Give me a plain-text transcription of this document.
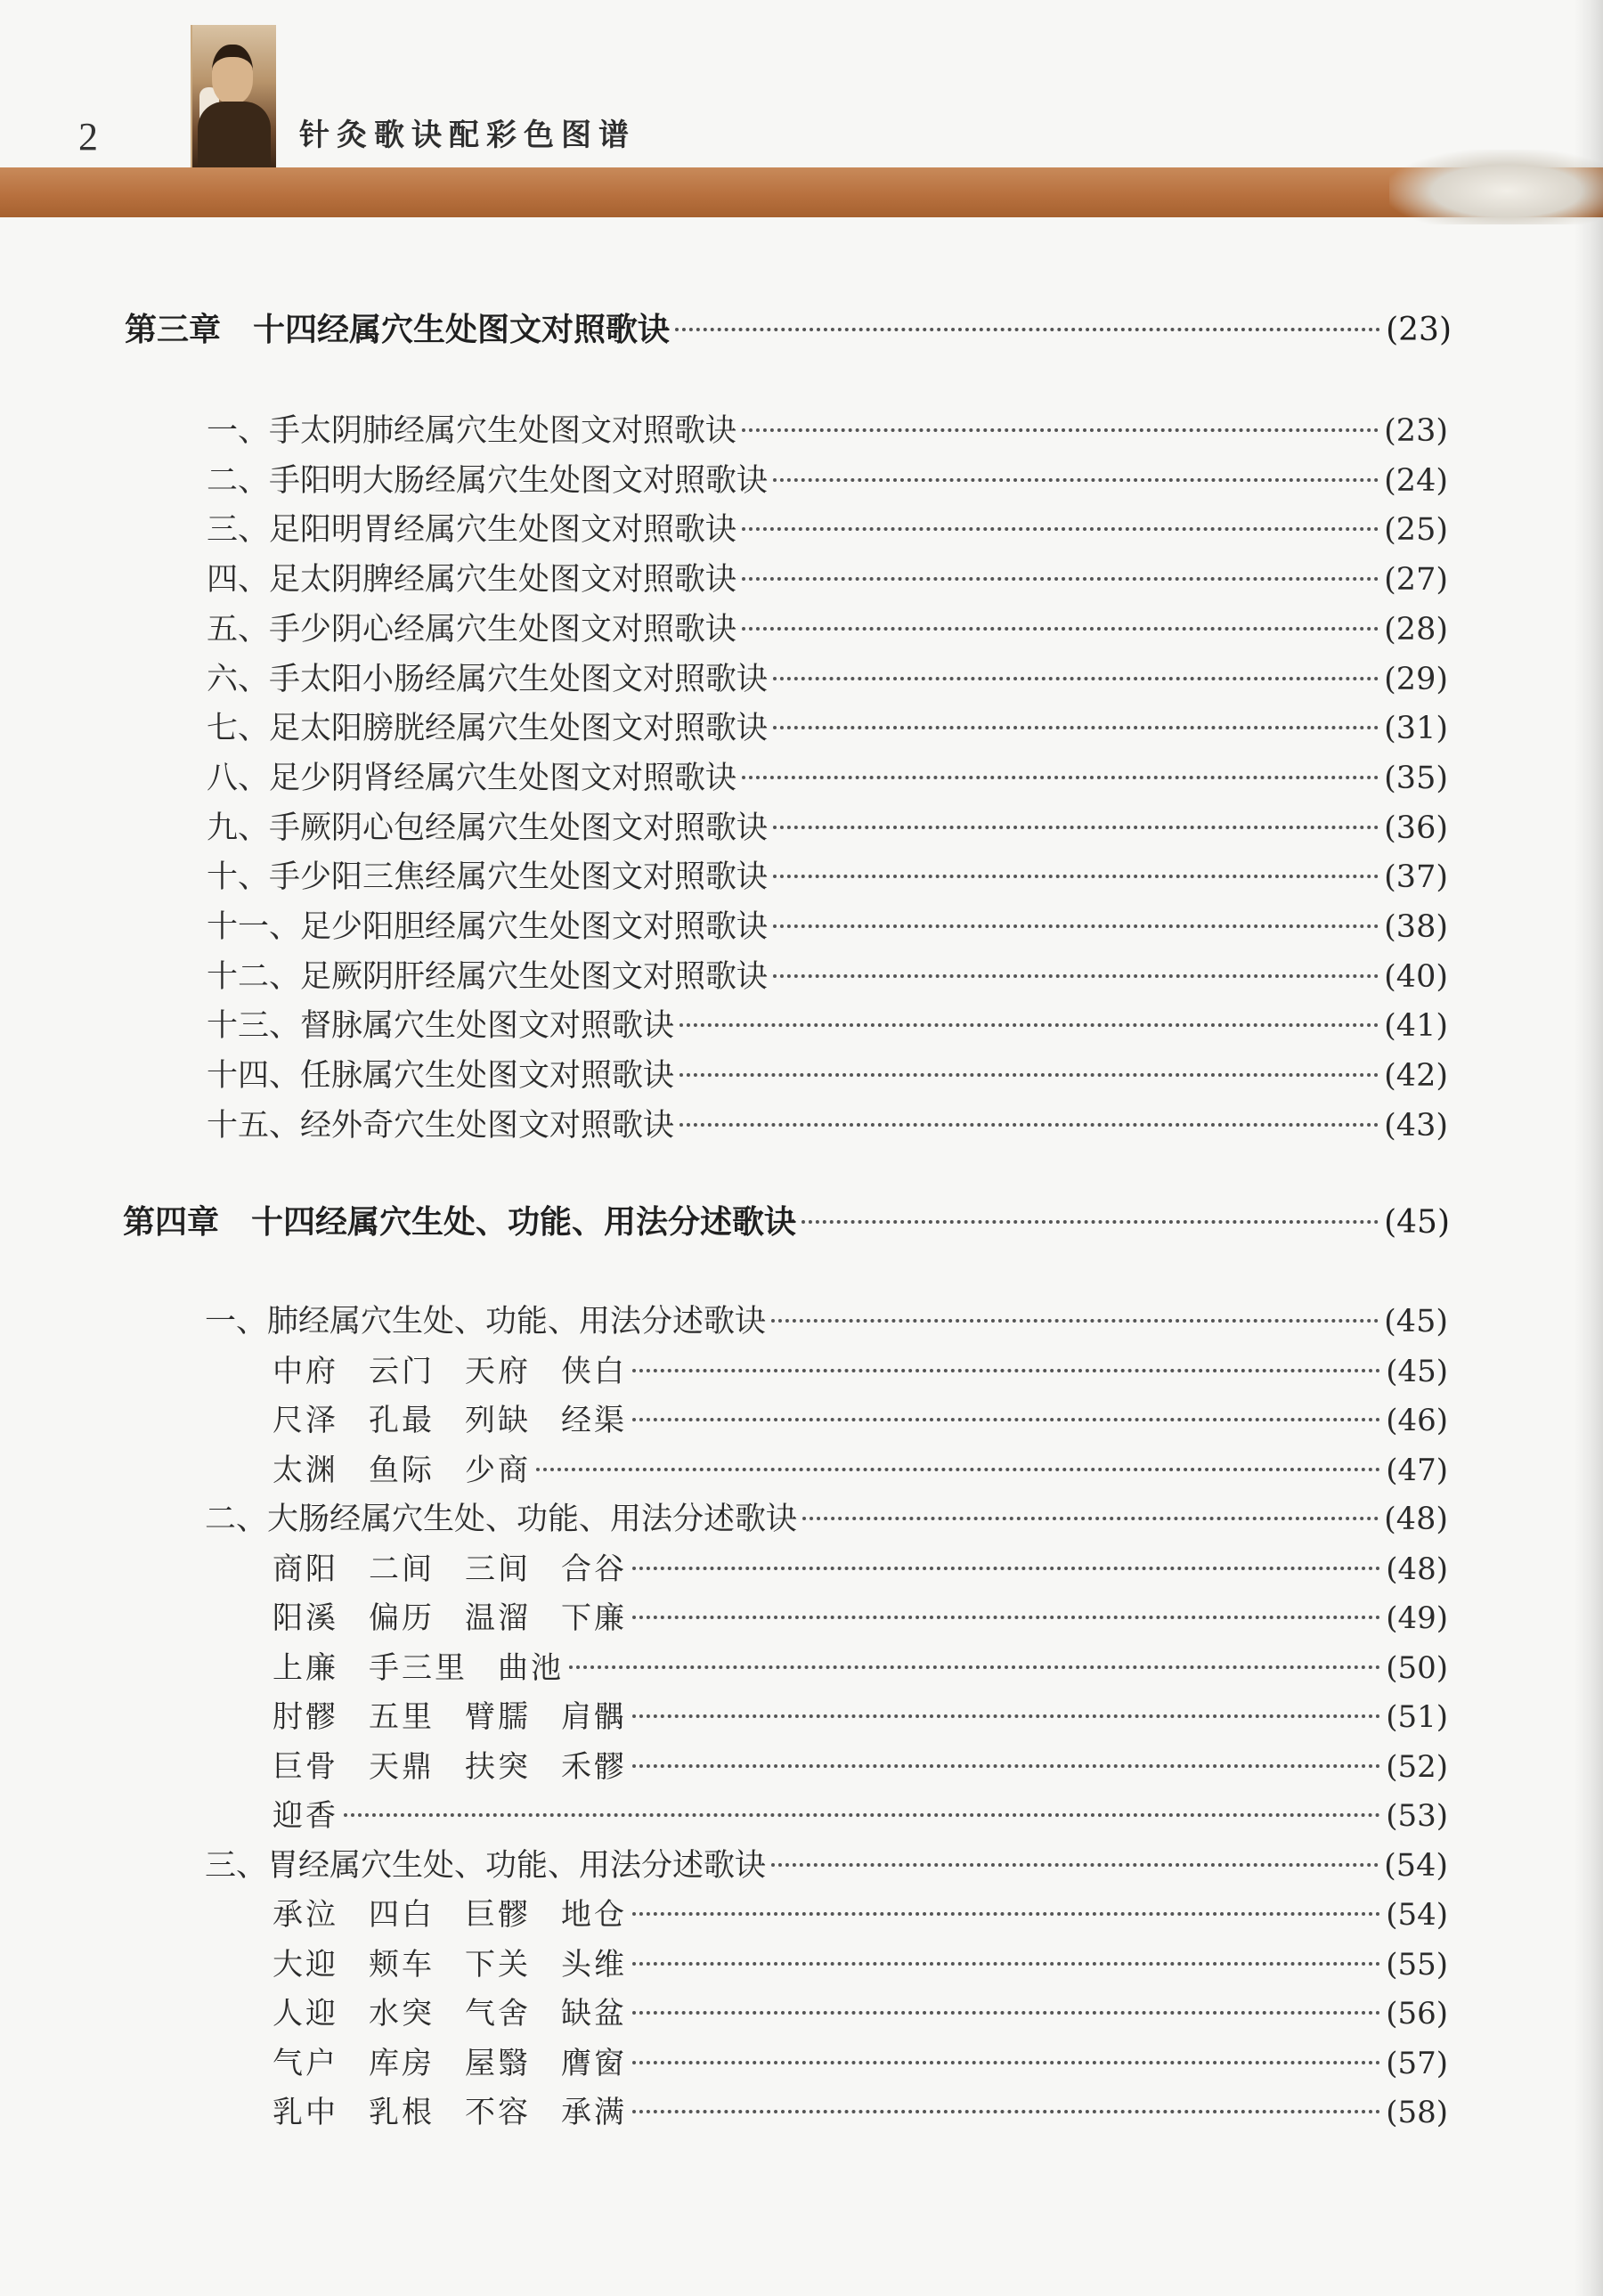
2	针灸歌诀配彩色图谱
第三章　十四经属穴生处图文对照歌诀	(23)
一、手太阴肺经属穴生处图文对照歌诀	(23)
二、手阳明大肠经属穴生处图文对照歌诀	(24)
三、足阳明胃经属穴生处图文对照歌诀	(25)
四、足太阴脾经属穴生处图文对照歌诀	(27)
五、手少阴心经属穴生处图文对照歌诀	(28)
六、手太阳小肠经属穴生处图文对照歌诀	(29)
七、足太阳膀胱经属穴生处图文对照歌诀	(31)
八、足少阴肾经属穴生处图文对照歌诀	(35)
九、手厥阴心包经属穴生处图文对照歌诀	(36)
十、手少阳三焦经属穴生处图文对照歌诀	(37)
十一、足少阳胆经属穴生处图文对照歌诀	(38)
十二、足厥阴肝经属穴生处图文对照歌诀	(40)
十三、督脉属穴生处图文对照歌诀	(41)
十四、任脉属穴生处图文对照歌诀	(42)
十五、经外奇穴生处图文对照歌诀	(43)
第四章　十四经属穴生处、功能、用法分述歌诀	(45)
一、肺经属穴生处、功能、用法分述歌诀	(45)
中府 云门 天府 侠白	(45)
尺泽 孔最 列缺 经渠	(46)
太渊 鱼际 少商	(47)
二、大肠经属穴生处、功能、用法分述歌诀	(48)
商阳 二间 三间 合谷	(48)
阳溪 偏历 温溜 下廉	(49)
上廉 手三里 曲池	(50)
肘髎 五里 臂臑 肩髃	(51)
巨骨 天鼎 扶突 禾髎	(52)
迎香	(53)
三、胃经属穴生处、功能、用法分述歌诀	(54)
承泣 四白 巨髎 地仓	(54)
大迎 颊车 下关 头维	(55)
人迎 水突 气舍 缺盆	(56)
气户 库房 屋翳 膺窗	(57)
乳中 乳根 不容 承满	(58)
